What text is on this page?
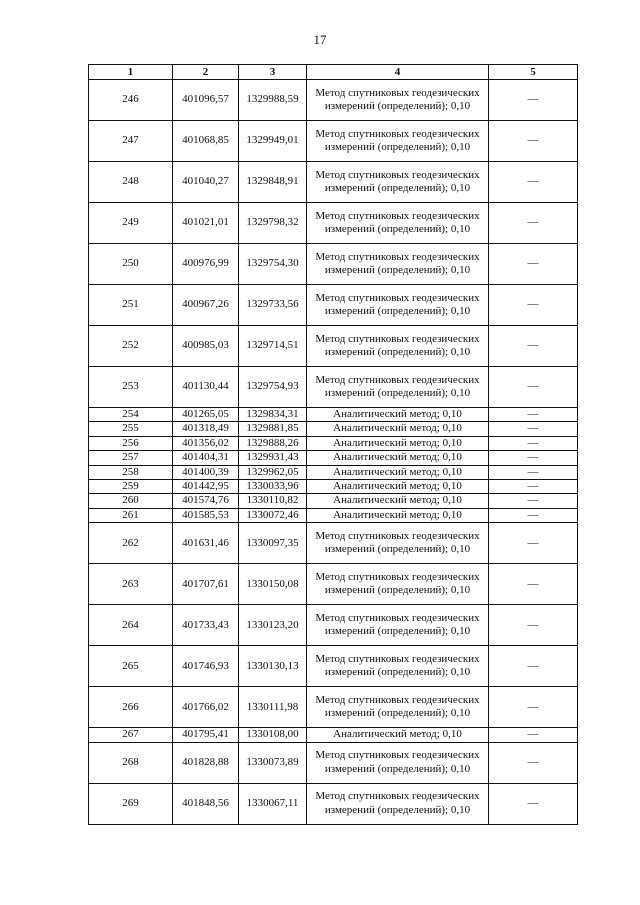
17
1	2	3	4	5
246	401096,57	1329988,59	Метод спутниковых геодезических измерений (определений); 0,10	—
247	401068,85	1329949,01	Метод спутниковых геодезических измерений (определений); 0,10	—
248	401040,27	1329848,91	Метод спутниковых геодезических измерений (определений); 0,10	—
249	401021,01	1329798,32	Метод спутниковых геодезических измерений (определений); 0,10	—
250	400976,99	1329754,30	Метод спутниковых геодезических измерений (определений); 0,10	—
251	400967,26	1329733,56	Метод спутниковых геодезических измерений (определений); 0,10	—
252	400985,03	1329714,51	Метод спутниковых геодезических измерений (определений); 0,10	—
253	401130,44	1329754,93	Метод спутниковых геодезических измерений (определений); 0,10	—
254	401265,05	1329834,31	Аналитический метод; 0,10	—
255	401318,49	1329881,85	Аналитический метод; 0,10	—
256	401356,02	1329888,26	Аналитический метод; 0,10	—
257	401404,31	1329931,43	Аналитический метод; 0,10	—
258	401400,39	1329962,05	Аналитический метод; 0,10	—
259	401442,95	1330033,96	Аналитический метод; 0,10	—
260	401574,76	1330110,82	Аналитический метод; 0,10	—
261	401585,53	1330072,46	Аналитический метод; 0,10	—
262	401631,46	1330097,35	Метод спутниковых геодезических измерений (определений); 0,10	—
263	401707,61	1330150,08	Метод спутниковых геодезических измерений (определений); 0,10	—
264	401733,43	1330123,20	Метод спутниковых геодезических измерений (определений); 0,10	—
265	401746,93	1330130,13	Метод спутниковых геодезических измерений (определений); 0,10	—
266	401766,02	1330111,98	Метод спутниковых геодезических измерений (определений); 0,10	—
267	401795,41	1330108,00	Аналитический метод; 0,10	—
268	401828,88	1330073,89	Метод спутниковых геодезических измерений (определений); 0,10	—
269	401848,56	1330067,11	Метод спутниковых геодезических измерений (определений); 0,10	—
